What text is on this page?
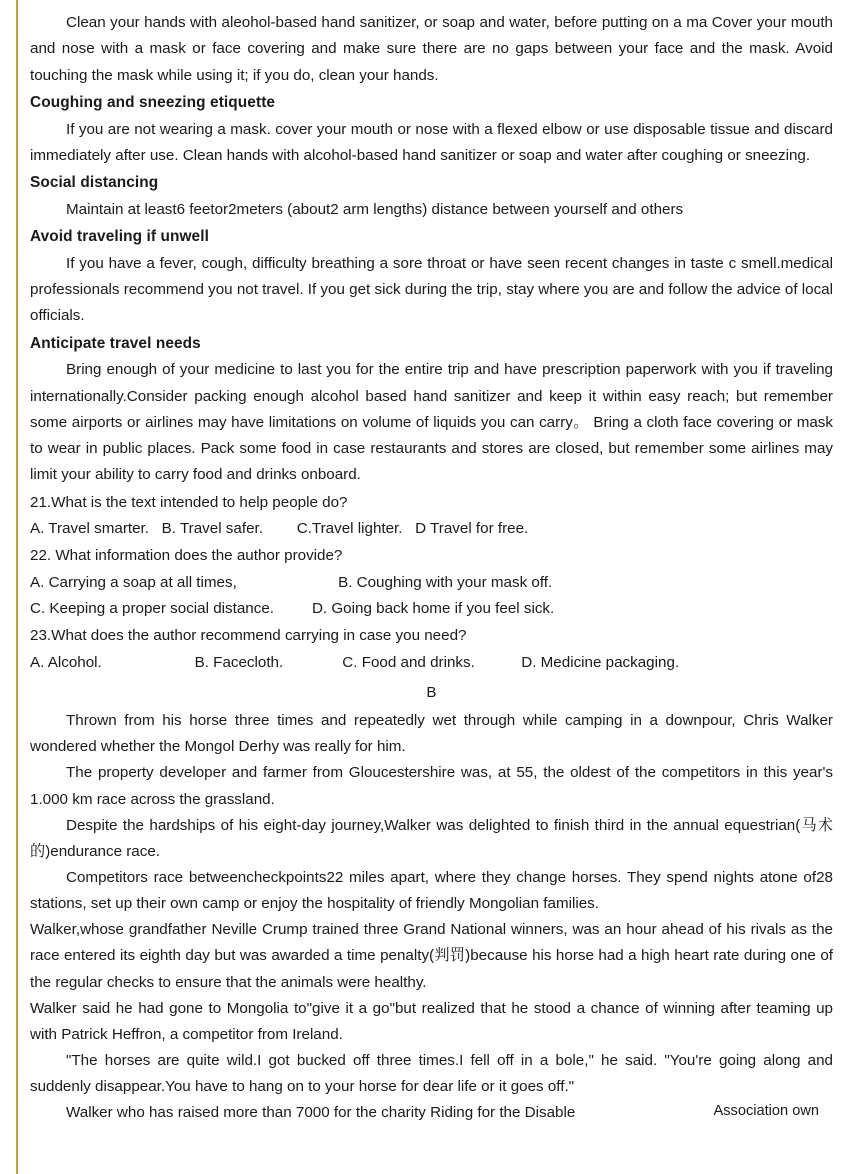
Clean your hands with aleohol-based hand sanitizer, or soap and water, before putting on a ma Cover your mouth and nose with a mask or face covering and make sure there are no gaps between your face and the mask. Avoid touching the mask while using it; if you do, clean your hands.

Coughing and sneezing etiquette

If you are not wearing a mask. cover your mouth or nose with a flexed elbow or use disposable tissue and discard immediately after use. Clean hands with alcohol-based hand sanitizer or soap and water after coughing or sneezing.

Social distancing

Maintain at least6 feetor2meters (about2 arm lengths) distance between yourself and others

Avoid traveling if unwell

If you have a fever, cough, difficulty breathing a sore throat or have seen recent changes in taste c smell.medical professionals recommend you not travel. If you get sick during the trip, stay where you are and follow the advice of local officials.

Anticipate travel needs

Bring enough of your medicine to last you for the entire trip and have prescription paperwork with you if traveling internationally.Consider packing enough alcohol based hand sanitizer and keep it within easy reach; but remember some airports or airlines may have limitations on volume of liquids you can carry。 Bring a cloth face covering or mask to wear in public places. Pack some food in case restaurants and stores are closed, but remember some airlines may limit your ability to carry food and drinks onboard.

21.What is the text intended to help people do?

A. Travel smarter.   B. Travel safer.        C.Travel lighter.   D Travel for free.

22. What information does the author provide?

A. Carrying a soap at all times,                        B. Coughing with your mask off.

C. Keeping a proper social distance.         D. Going back home if you feel sick.

23.What does the author recommend carrying in case you need?

A. Alcohol.                      B. Facecloth.              C. Food and drinks.           D. Medicine packaging.

B

Thrown from his horse three times and repeatedly wet through while camping in a downpour, Chris Walker wondered whether the Mongol Derhy was really for him.

The property developer and farmer from Gloucestershire was, at 55, the oldest of the competitors in this year's 1.000 km race across the grassland.

Despite the hardships of his eight-day journey,Walker was delighted to finish third in the annual equestrian(马术的)endurance race.

Competitors race betweencheckpoints22 miles apart, where they change horses. They spend nights atone of28 stations, set up their own camp or enjoy the hospitality of friendly Mongolian families.

Walker,whose grandfather Neville Crump trained three Grand National winners, was an hour ahead of his rivals as the race entered its eighth day but was awarded a time penalty(判罚)because his horse had a high heart rate during one of the regular checks to ensure that the animals were healthy.

Walker said he had gone to Mongolia to"give it a go"but realized that he stood a chance of winning after teaming up with Patrick Heffron, a competitor from Ireland.

"The horses are quite wild.I got bucked off three times.I fell off in a bole," he said. "You're going along and suddenly disappear.You have to hang on to your horse for dear life or it goes off."

Walker who has raised more than 7000 for the charity Riding for the Disable	Association own
